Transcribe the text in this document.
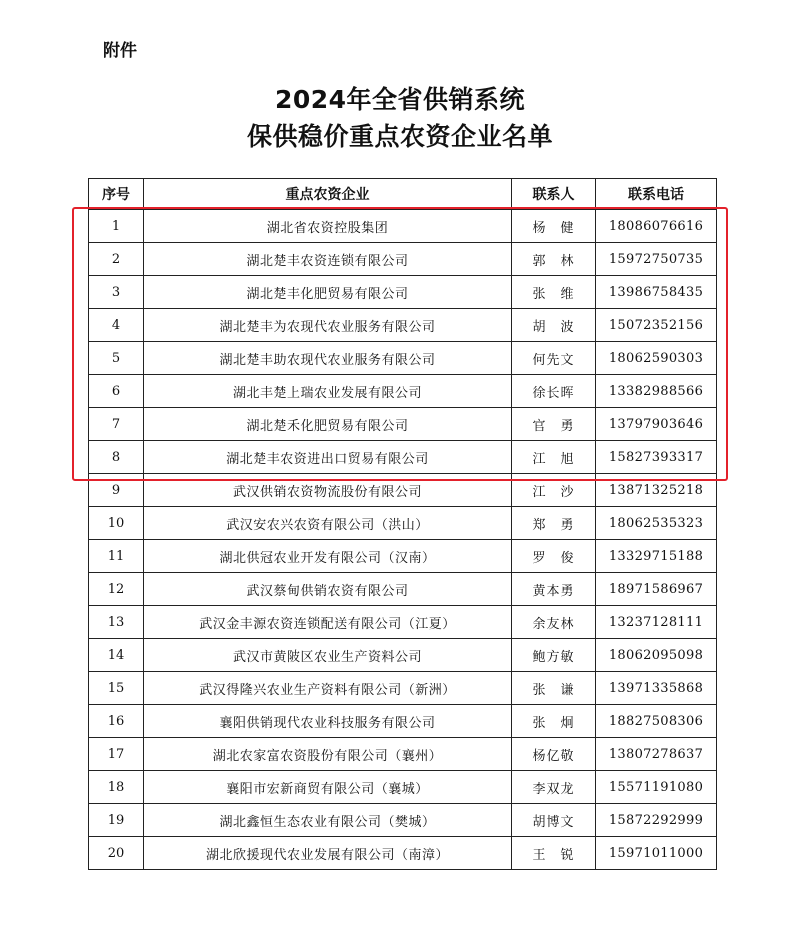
附件
2024年全省供销系统
保供稳价重点农资企业名单
序号	重点农资企业	联系人	联系电话
1	湖北省农资控股集团	杨　健	18086076616
2	湖北楚丰农资连锁有限公司	郭　林	15972750735
3	湖北楚丰化肥贸易有限公司	张　维	13986758435
4	湖北楚丰为农现代农业服务有限公司	胡　波	15072352156
5	湖北楚丰助农现代农业服务有限公司	何先文	18062590303
6	湖北丰楚上瑞农业发展有限公司	徐长晖	13382988566
7	湖北楚禾化肥贸易有限公司	官　勇	13797903646
8	湖北楚丰农资进出口贸易有限公司	江　旭	15827393317
9	武汉供销农资物流股份有限公司	江　沙	13871325218
10	武汉安农兴农资有限公司（洪山）	郑　勇	18062535323
11	湖北供冠农业开发有限公司（汉南）	罗　俊	13329715188
12	武汉蔡甸供销农资有限公司	黄本勇	18971586967
13	武汉金丰源农资连锁配送有限公司（江夏）	余友林	13237128111
14	武汉市黄陂区农业生产资料公司	鲍方敏	18062095098
15	武汉得隆兴农业生产资料有限公司（新洲）	张　谦	13971335868
16	襄阳供销现代农业科技服务有限公司	张　炯	18827508306
17	湖北农家富农资股份有限公司（襄州）	杨亿敬	13807278637
18	襄阳市宏新商贸有限公司（襄城）	李双龙	15571191080
19	湖北鑫恒生态农业有限公司（樊城）	胡博文	15872292999
20	湖北欣援现代农业发展有限公司（南漳）	王　锐	15971011000
